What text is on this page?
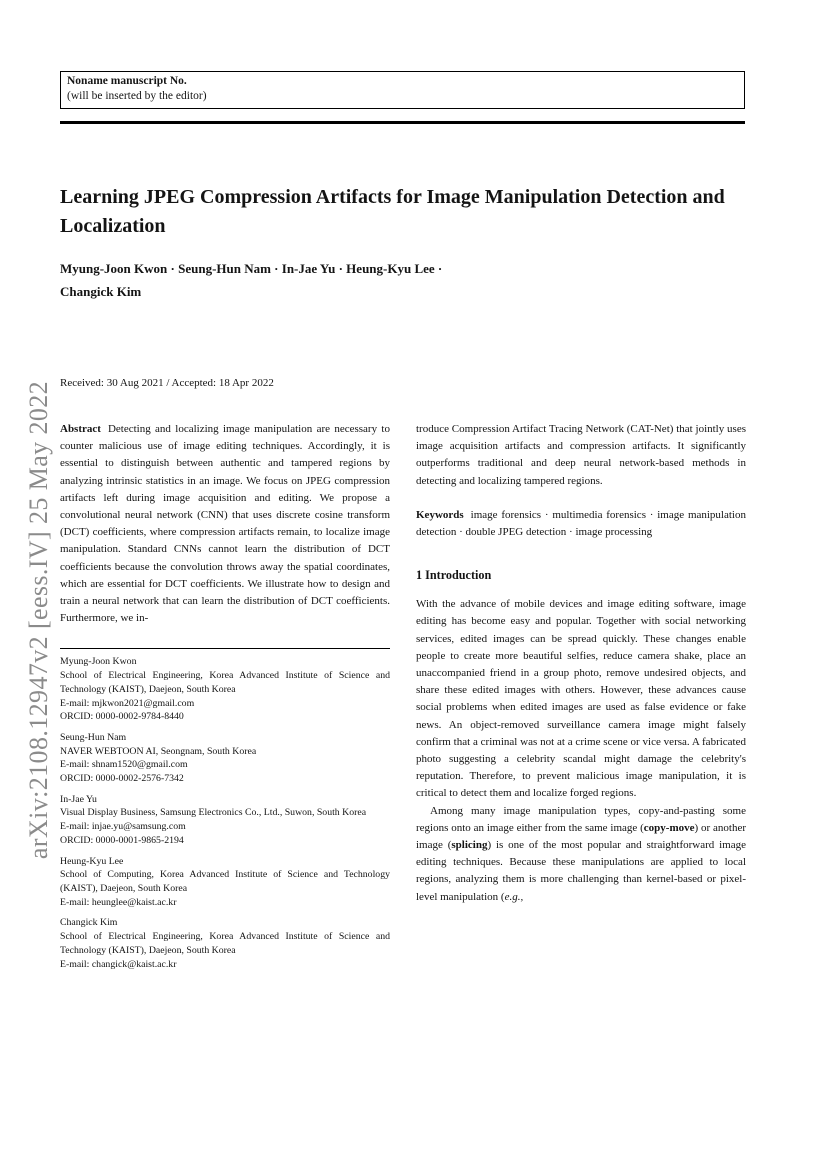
arXiv:2108.12947v2 [eess.IV] 25 May 2022
Noname manuscript No.
(will be inserted by the editor)
Learning JPEG Compression Artifacts for Image Manipulation Detection and Localization
Myung-Joon Kwon · Seung-Hun Nam · In-Jae Yu · Heung-Kyu Lee ·
Changick Kim
Received: 30 Aug 2021 / Accepted: 18 Apr 2022

Abstract Detecting and localizing image manipulation are necessary to counter malicious use of image editing techniques. Accordingly, it is essential to distinguish between authentic and tampered regions by analyzing intrinsic statistics in an image. We focus on JPEG compression artifacts left during image acquisition and editing. We propose a convolutional neural network (CNN) that uses discrete cosine transform (DCT) coefficients, where compression artifacts remain, to localize image manipulation. Standard CNNs cannot learn the distribution of DCT coefficients because the convolution throws away the spatial coordinates, which are essential for DCT coefficients. We illustrate how to design and train a neural network that can learn the distribution of DCT coefficients. Furthermore, we in-

Myung-Joon Kwon
School of Electrical Engineering, Korea Advanced Institute of Science and Technology (KAIST), Daejeon, South Korea
E-mail: mjkwon2021@gmail.com
ORCID: 0000-0002-9784-8440
Seung-Hun Nam
NAVER WEBTOON AI, Seongnam, South Korea
E-mail: shnam1520@gmail.com
ORCID: 0000-0002-2576-7342
In-Jae Yu
Visual Display Business, Samsung Electronics Co., Ltd., Suwon, South Korea
E-mail: injae.yu@samsung.com
ORCID: 0000-0001-9865-2194
Heung-Kyu Lee
School of Computing, Korea Advanced Institute of Science and Technology (KAIST), Daejeon, South Korea
E-mail: heunglee@kaist.ac.kr
Changick Kim
School of Electrical Engineering, Korea Advanced Institute of Science and Technology (KAIST), Daejeon, South Korea
E-mail: changick@kaist.ac.kr

troduce Compression Artifact Tracing Network (CAT-Net) that jointly uses image acquisition artifacts and compression artifacts. It significantly outperforms traditional and deep neural network-based methods in detecting and localizing tampered regions.

Keywords image forensics · multimedia forensics · image manipulation detection · double JPEG detection · image processing

1 Introduction

With the advance of mobile devices and image editing software, image editing has become easy and popular. Together with social networking services, edited images can be spread quickly. These changes enable people to create more beautiful selfies, reduce camera shake, place an unaccompanied friend in a group photo, remove undesired objects, and share these edited images with others. However, these advances cause social problems when edited images are used as false evidence or fake news. An object-removed surveillance camera image might falsely confirm that a criminal was not at a crime scene or vice versa. A fabricated photo suggesting a celebrity scandal might damage the celebrity's reputation. Therefore, to prevent malicious image manipulation, it is critical to detect them and localize forged regions.

Among many image manipulation types, copy-and-pasting some regions onto an image either from the same image (copy-move) or another image (splicing) is one of the most popular and straightforward image editing techniques. Because these manipulations are applied to local regions, analyzing them is more challenging than kernel-based or pixel-level manipulation (e.g.,
